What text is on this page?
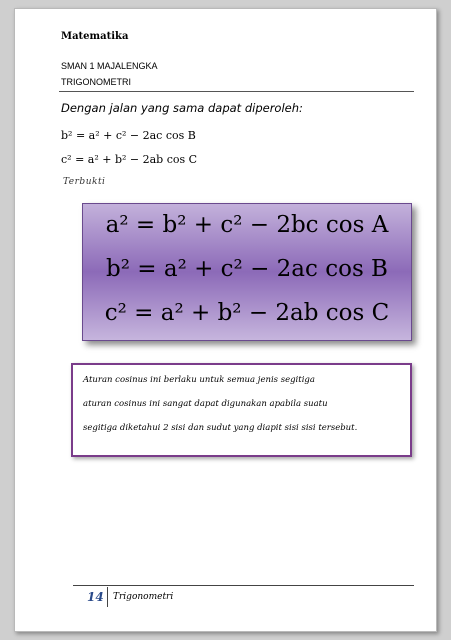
Matematika
SMAN 1 MAJALENGKA
TRIGONOMETRI
Dengan jalan yang sama dapat diperoleh:
b² = a² + c² − 2ac cos B
c² = a² + b² − 2ab cos C
Terbukti
a² = b² + c² − 2bc cos A
b² = a² + c² − 2ac cos B
c² = a² + b² − 2ab cos C
Aturan cosinus ini berlaku untuk semua jenis segitiga
aturan cosinus ini sangat dapat digunakan apabila suatu
segitiga diketahui 2 sisi dan sudut yang diapit sisi sisi tersebut.
14 Trigonometri
